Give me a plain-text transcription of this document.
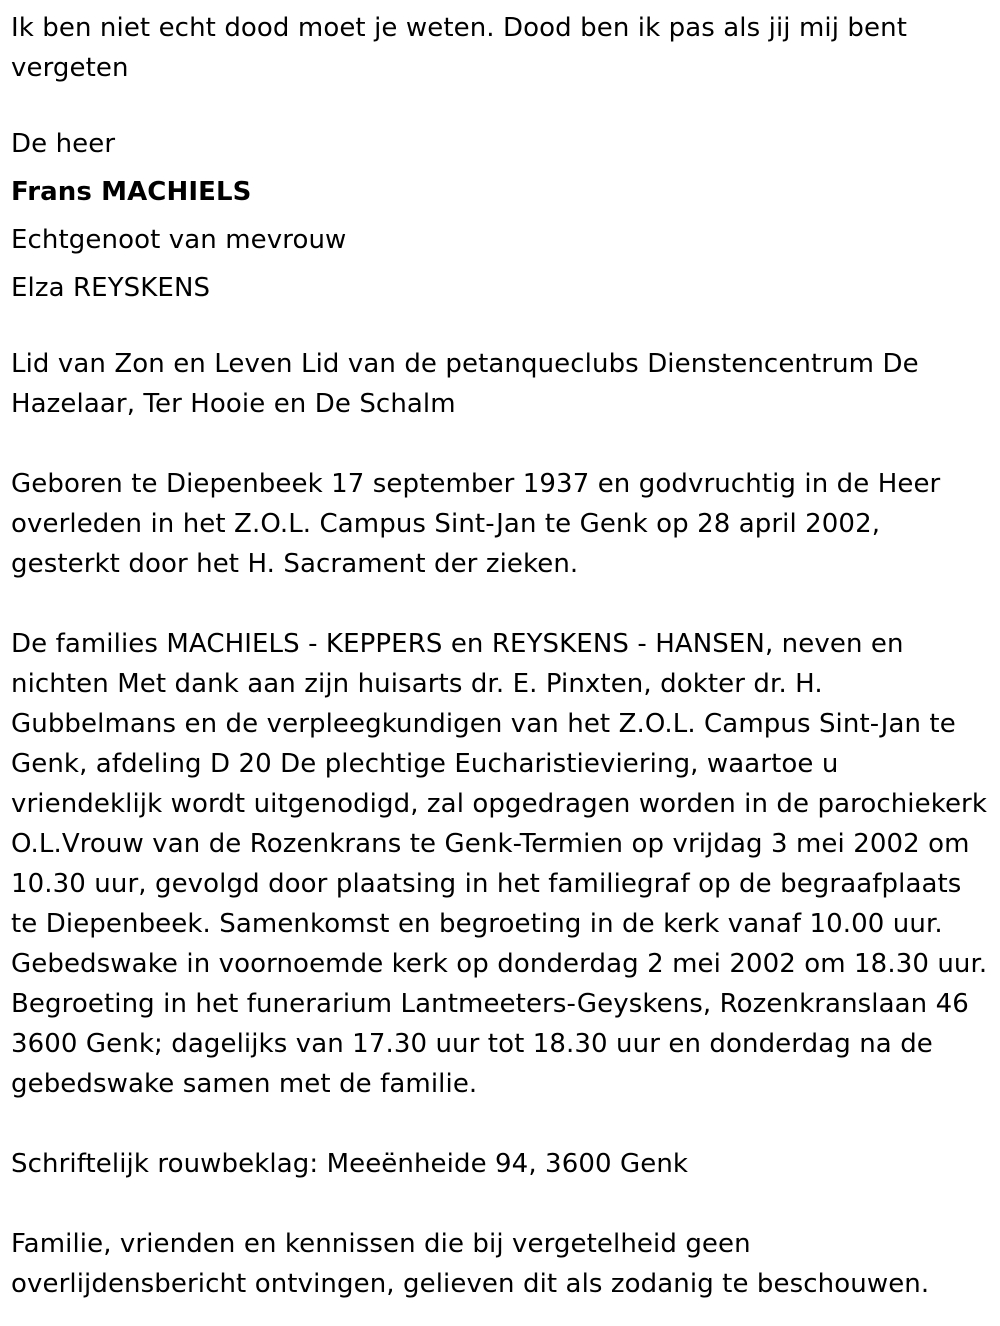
Ik ben niet echt dood moet je weten. Dood ben ik pas als jij mij bent vergeten

De heer

Frans MACHIELS

Echtgenoot van mevrouw

Elza REYSKENS

Lid van Zon en Leven Lid van de petanqueclubs Dienstencentrum De Hazelaar, Ter Hooie en De Schalm

Geboren te Diepenbeek 17 september 1937 en godvruchtig in de Heer overleden in het Z.O.L. Campus Sint-Jan te Genk op 28 april 2002, gesterkt door het H. Sacrament der zieken.

De families MACHIELS - KEPPERS en REYSKENS - HANSEN, neven en nichten Met dank aan zijn huisarts dr. E. Pinxten, dokter dr. H. Gubbelmans en de verpleegkundigen van het Z.O.L. Campus Sint-Jan te Genk, afdeling D 20 De plechtige Eucharistieviering, waartoe u vriendeklijk wordt uitgenodigd, zal opgedragen worden in de parochiekerk O.L.Vrouw van de Rozenkrans te Genk-Termien op vrijdag 3 mei 2002 om 10.30 uur, gevolgd door plaatsing in het familiegraf op de begraafplaats te Diepenbeek. Samenkomst en begroeting in de kerk vanaf 10.00 uur. Gebedswake in voornoemde kerk op donderdag 2 mei 2002 om 18.30 uur. Begroeting in het funerarium Lantmeeters-Geyskens, Rozenkranslaan 46 3600 Genk; dagelijks van 17.30 uur tot 18.30 uur en donderdag na de gebedswake samen met de familie.

Schriftelijk rouwbeklag: Meeënheide 94, 3600 Genk

Familie, vrienden en kennissen die bij vergetelheid geen overlijdensbericht ontvingen, gelieven dit als zodanig te beschouwen.
